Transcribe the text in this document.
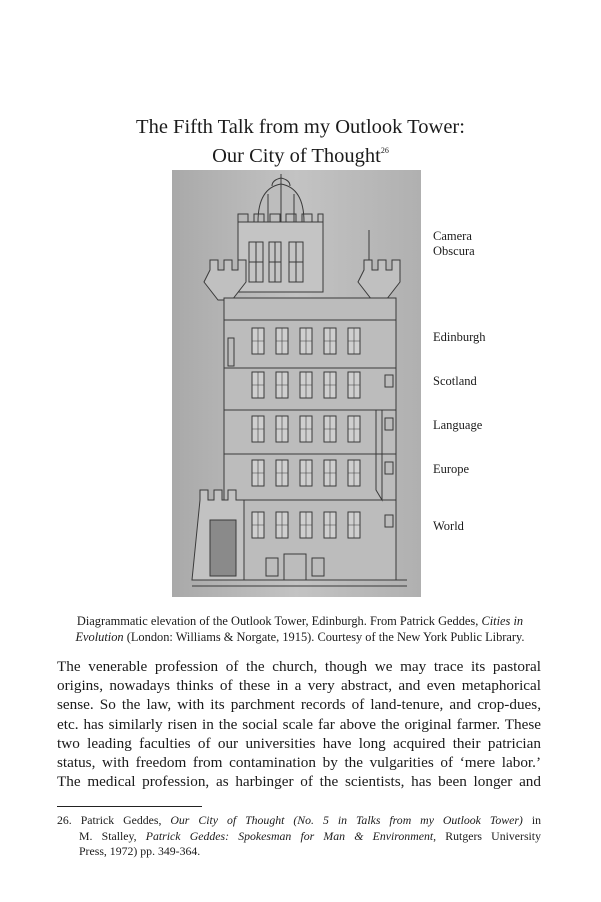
The Fifth Talk from my Outlook Tower:
Our City of Thought$^{26}$
Camera
Obscura
Edinburgh
Scotland
Language
Europe
World
Diagrammatic elevation of the Outlook Tower, Edinburgh. From Patrick Geddes, Cities in
Evolution (London: Williams & Norgate, 1915). Courtesy of the New York Public Library.
The venerable profession of the church, though we may trace its pastoral
origins, nowadays thinks of these in a very abstract, and even metaphorical
sense. So the law, with its parchment records of land-tenure, and crop-dues,
etc. has similarly risen in the social scale far above the original farmer. These
two leading faculties of our universities have long acquired their patrician
status, with freedom from contamination by the vulgarities of ‘mere labor.’
The medical profession, as harbinger of the scientists, has been longer and
26. Patrick Geddes, Our City of Thought (No. 5 in Talks from my Outlook Tower) in
M. Stalley, Patrick Geddes: Spokesman for Man & Environment, Rutgers University
Press, 1972) pp. 349-364.
